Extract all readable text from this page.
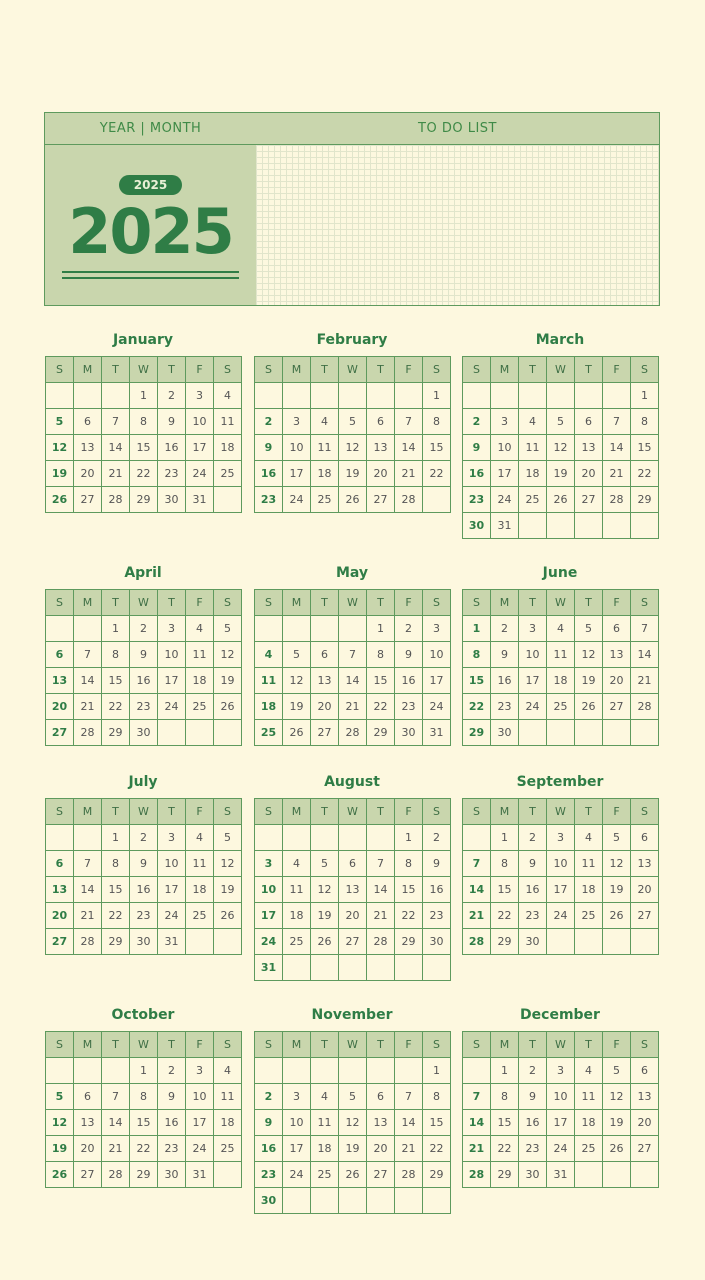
YEAR | MONTH
2025
2025
TO DO LIST
January
S	M	T	W	T	F	S
			1	2	3	4
5	6	7	8	9	10	11
12	13	14	15	16	17	18
19	20	21	22	23	24	25
26	27	28	29	30	31	
February
S	M	T	W	T	F	S
						1
2	3	4	5	6	7	8
9	10	11	12	13	14	15
16	17	18	19	20	21	22
23	24	25	26	27	28	
March
S	M	T	W	T	F	S
						1
2	3	4	5	6	7	8
9	10	11	12	13	14	15
16	17	18	19	20	21	22
23	24	25	26	27	28	29
30	31					
April
S	M	T	W	T	F	S
		1	2	3	4	5
6	7	8	9	10	11	12
13	14	15	16	17	18	19
20	21	22	23	24	25	26
27	28	29	30			
May
S	M	T	W	T	F	S
				1	2	3
4	5	6	7	8	9	10
11	12	13	14	15	16	17
18	19	20	21	22	23	24
25	26	27	28	29	30	31
June
S	M	T	W	T	F	S
1	2	3	4	5	6	7
8	9	10	11	12	13	14
15	16	17	18	19	20	21
22	23	24	25	26	27	28
29	30					
July
S	M	T	W	T	F	S
		1	2	3	4	5
6	7	8	9	10	11	12
13	14	15	16	17	18	19
20	21	22	23	24	25	26
27	28	29	30	31		
August
S	M	T	W	T	F	S
					1	2
3	4	5	6	7	8	9
10	11	12	13	14	15	16
17	18	19	20	21	22	23
24	25	26	27	28	29	30
31						
September
S	M	T	W	T	F	S
	1	2	3	4	5	6
7	8	9	10	11	12	13
14	15	16	17	18	19	20
21	22	23	24	25	26	27
28	29	30				
October
S	M	T	W	T	F	S
			1	2	3	4
5	6	7	8	9	10	11
12	13	14	15	16	17	18
19	20	21	22	23	24	25
26	27	28	29	30	31	
November
S	M	T	W	T	F	S
						1
2	3	4	5	6	7	8
9	10	11	12	13	14	15
16	17	18	19	20	21	22
23	24	25	26	27	28	29
30						
December
S	M	T	W	T	F	S
	1	2	3	4	5	6
7	8	9	10	11	12	13
14	15	16	17	18	19	20
21	22	23	24	25	26	27
28	29	30	31			
